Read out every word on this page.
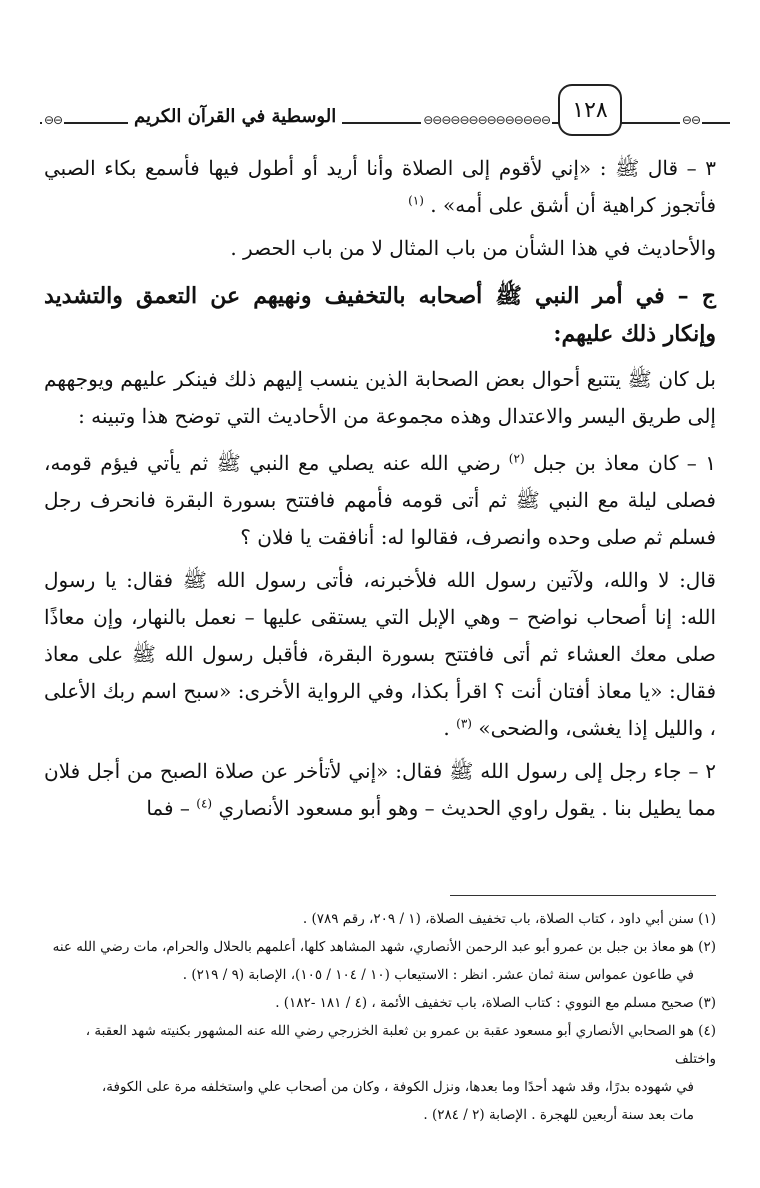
⊖⊖
١٢٨
⊖⊖⊖⊖⊖⊖⊖⊖⊖⊖⊖⊖⊖⊖
الوسطية في القرآن الكريم
⊖⊖

٣ – قال ﷺ : «إني لأقوم إلى الصلاة وأنا أريد أو أطول فيها فأسمع بكاء الصبي فأتجوز كراهية أن أشق على أمه» . $^{(١)}$

والأحاديث في هذا الشأن من باب المثال لا من باب الحصر .

ج – في أمر النبي ﷺ أصحابه بالتخفيف ونهيهم عن التعمق والتشديد وإنكار ذلك عليهم:

بل كان ﷺ يتتبع أحوال بعض الصحابة الذين ينسب إليهم ذلك فينكر عليهم ويوجههم إلى طريق اليسر والاعتدال وهذه مجموعة من الأحاديث التي توضح هذا وتبينه :

١ – كان معاذ بن جبل $^{(٢)}$ رضي الله عنه يصلي مع النبي ﷺ ثم يأتي فيؤم قومه، فصلى ليلة مع النبي ﷺ ثم أتى قومه فأمهم فافتتح بسورة البقرة فانحرف رجل فسلم ثم صلى وحده وانصرف، فقالوا له: أنافقت يا فلان ؟

قال: لا والله، ولآتين رسول الله فلأخبرنه، فأتى رسول الله ﷺ فقال: يا رسول الله: إنا أصحاب نواضح – وهي الإبل التي يستقى عليها – نعمل بالنهار، وإن معاذًا صلى معك العشاء ثم أتى فافتتح بسورة البقرة، فأقبل رسول الله ﷺ على معاذ فقال: «يا معاذ أفتان أنت ؟ اقرأ بكذا، وفي الرواية الأخرى: «سبح اسم ربك الأعلى ، والليل إذا يغشى، والضحى» $^{(٣)}$ .

٢ – جاء رجل إلى رسول الله ﷺ فقال: «إني لأتأخر عن صلاة الصبح من أجل فلان مما يطيل بنا . يقول راوي الحديث – وهو أبو مسعود الأنصاري $^{(٤)}$ – فما

(١) سنن أبي داود ، كتاب الصلاة، باب تخفيف الصلاة، (١ / ٢٠٩، رقم ٧٨٩) .

(٢) هو معاذ بن جبل بن عمرو أبو عبد الرحمن الأنصاري، شهد المشاهد كلها، أعلمهم بالحلال والحرام، مات رضي الله عنه

في طاعون عمواس سنة ثمان عشر. انظر : الاستيعاب (١٠ / ١٠٤ / ١٠٥)، الإصابة (٩ / ٢١٩) .

(٣) صحيح مسلم مع النووي : كتاب الصلاة، باب تخفيف الأئمة ، (٤ / ١٨١ -١٨٢) .

(٤) هو الصحابي الأنصاري أبو مسعود عقبة بن عمرو بن ثعلبة الخزرجي رضي الله عنه المشهور بكنيته شهد العقبة ، واختلف

في شهوده بدرًا، وقد شهد أحدًا وما بعدها، ونزل الكوفة ، وكان من أصحاب علي واستخلفه مرة على الكوفة،

مات بعد سنة أربعين للهجرة . الإصابة (٢ / ٢٨٤) .
